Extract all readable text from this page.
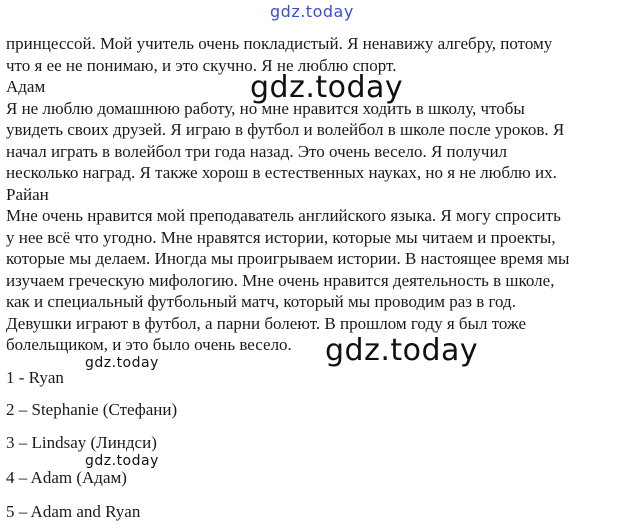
принцессой. Мой учитель очень покладистый. Я ненавижу алгебру, потому
что я ее не понимаю, и это скучно. Я не люблю спорт.
Адам
Я не люблю домашнюю работу, но мне нравится ходить в школу, чтобы
увидеть своих друзей. Я играю в футбол и волейбол в школе после уроков. Я
начал играть в волейбол три года назад. Это очень весело. Я получил
несколько наград. Я также хорош в естественных науках, но я не люблю их.
Райан
Мне очень нравится мой преподаватель английского языка. Я могу спросить
у нее всё что угодно. Мне нравятся истории, которые мы читаем и проекты,
которые мы делаем. Иногда мы проигрываем истории. В настоящее время мы
изучаем греческую мифологию. Мне очень нравится деятельность в школе,
как и специальный футбольный матч, который мы проводим раз в год.
Девушки играют в футбол, а парни болеют. В прошлом году я был тоже
болельщиком, и это было очень весело.
1 - Ryan
2 – Stephanie (Стефани)
3 – Lindsay (Линдси)
4 – Adam (Адам)
5 – Adam and Ryan
gdz.today
gdz.today
gdz.today
gdz.today
gdz.today
